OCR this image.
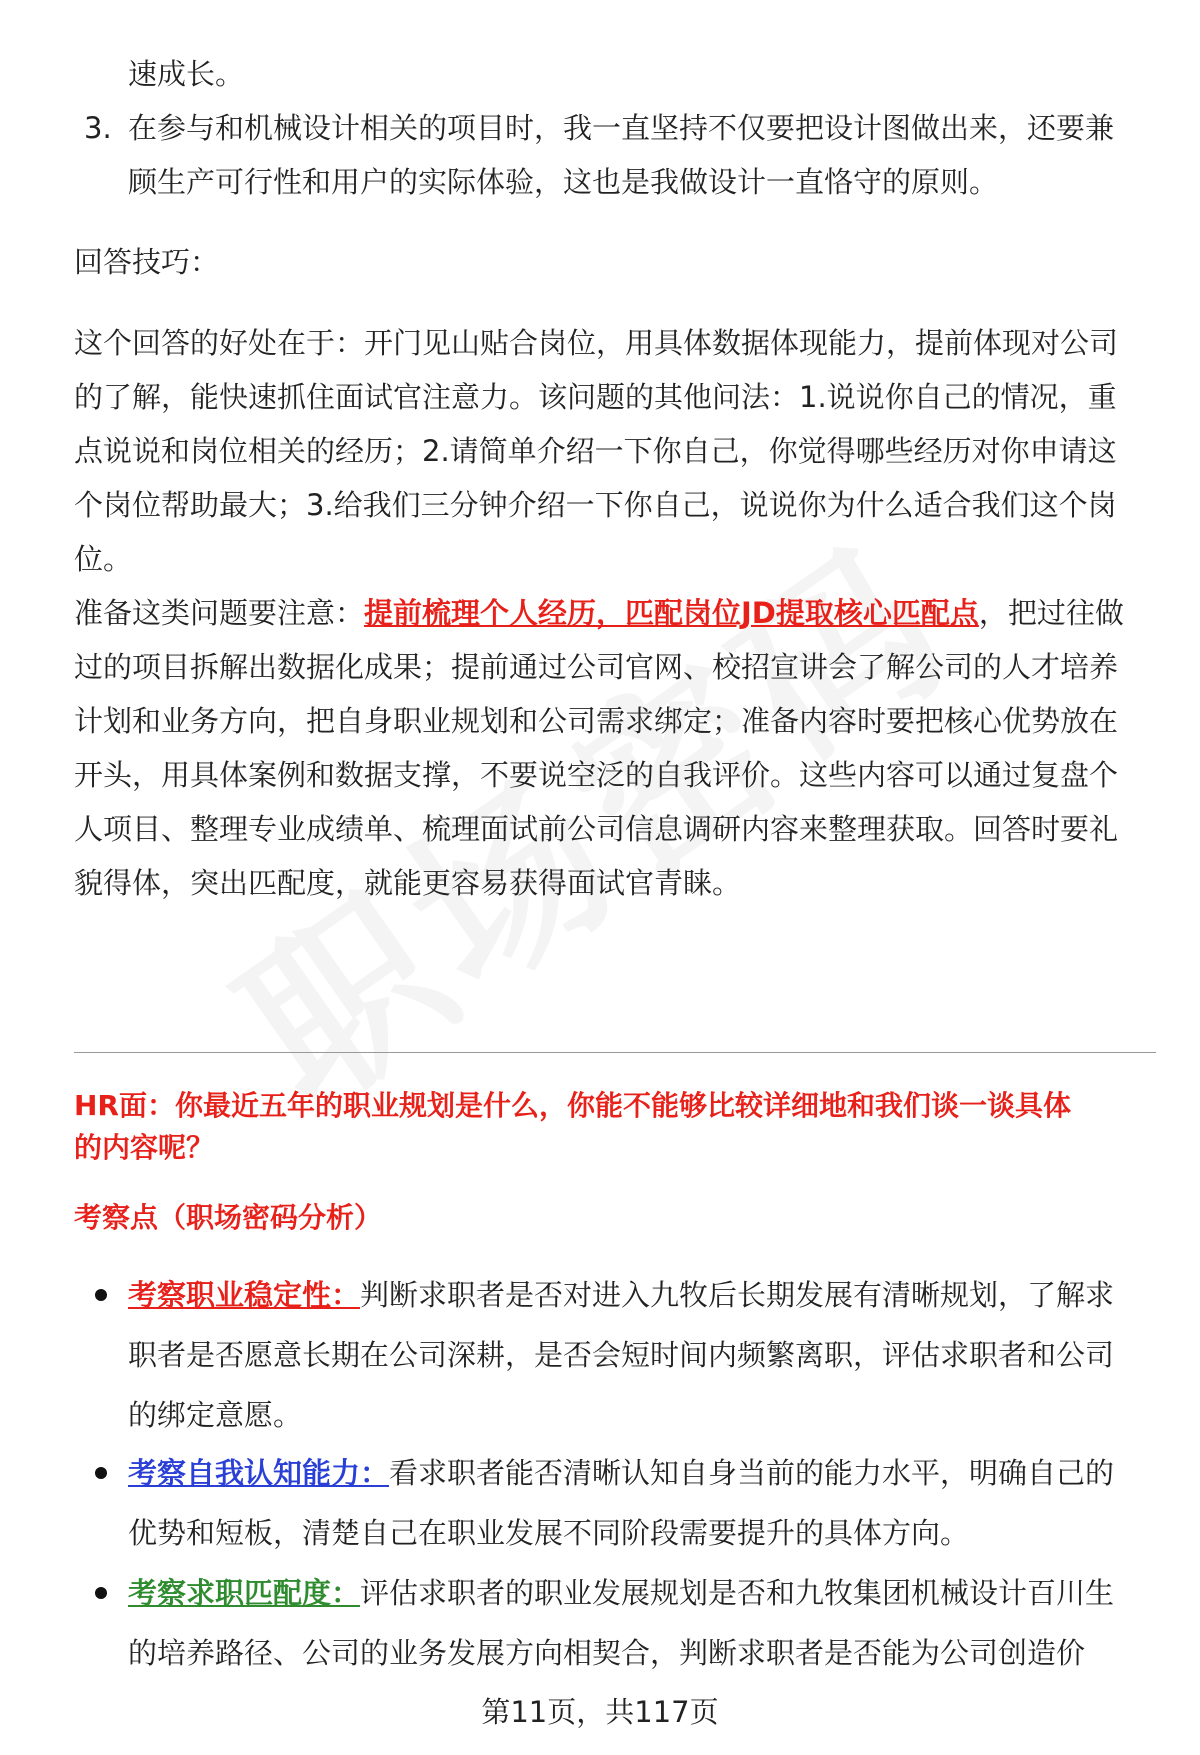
速成长。
3. 在参与和机械设计相关的项目时，我一直坚持不仅要把设计图做出来，还要兼
顾生产可行性和用户的实际体验，这也是我做设计一直恪守的原则。
回答技巧：
这个回答的好处在于：开门见山贴合岗位，用具体数据体现能力，提前体现对公司
的了解，能快速抓住面试官注意力。该问题的其他问法：1.说说你自己的情况，重
点说说和岗位相关的经历；2.请简单介绍一下你自己，你觉得哪些经历对你申请这
个岗位帮助最大；3.给我们三分钟介绍一下你自己，说说你为什么适合我们这个岗
位。
准备这类问题要注意：提前梳理个人经历，匹配岗位JD提取核心匹配点，把过往做
过的项目拆解出数据化成果；提前通过公司官网、校招宣讲会了解公司的人才培养
计划和业务方向，把自身职业规划和公司需求绑定；准备内容时要把核心优势放在
开头，用具体案例和数据支撑，不要说空泛的自我评价。这些内容可以通过复盘个
人项目、整理专业成绩单、梳理面试前公司信息调研内容来整理获取。回答时要礼
貌得体，突出匹配度，就能更容易获得面试官青睐。
HR面：你最近五年的职业规划是什么，你能不能够比较详细地和我们谈一谈具体
的内容呢？
考察点（职场密码分析）
考察职业稳定性：判断求职者是否对进入九牧后长期发展有清晰规划，了解求
职者是否愿意长期在公司深耕，是否会短时间内频繁离职，评估求职者和公司
的绑定意愿。
考察自我认知能力：看求职者能否清晰认知自身当前的能力水平，明确自己的
优势和短板，清楚自己在职业发展不同阶段需要提升的具体方向。
考察求职匹配度：评估求职者的职业发展规划是否和九牧集团机械设计百川生
的培养路径、公司的业务发展方向相契合，判断求职者是否能为公司创造价
第11页，共117页
